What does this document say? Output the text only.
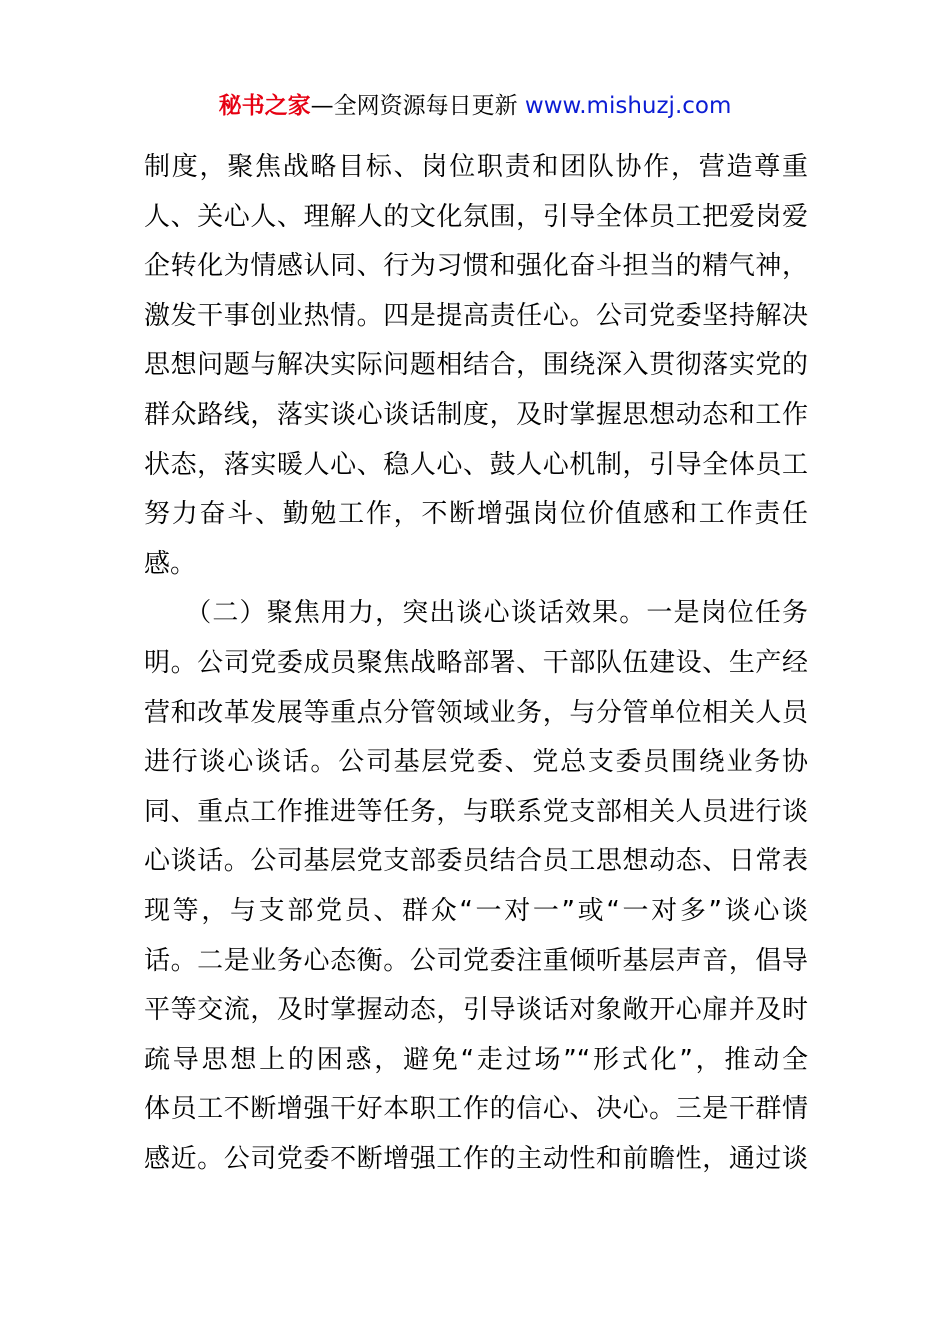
秘书之家—全网资源每日更新 www.mishuzj.com
制度，聚焦战略目标、岗位职责和团队协作，营造尊重
人、关心人、理解人的文化氛围，引导全体员工把爱岗爱
企转化为情感认同、行为习惯和强化奋斗担当的精气神，
激发干事创业热情。四是提高责任心。公司党委坚持解决
思想问题与解决实际问题相结合，围绕深入贯彻落实党的
群众路线，落实谈心谈话制度，及时掌握思想动态和工作
状态，落实暖人心、稳人心、鼓人心机制，引导全体员工
努力奋斗、勤勉工作，不断增强岗位价值感和工作责任
感。
　　（二）聚焦用力，突出谈心谈话效果。一是岗位任务
明。公司党委成员聚焦战略部署、干部队伍建设、生产经
营和改革发展等重点分管领域业务，与分管单位相关人员
进行谈心谈话。公司基层党委、党总支委员围绕业务协
同、重点工作推进等任务，与联系党支部相关人员进行谈
心谈话。公司基层党支部委员结合员工思想动态、日常表
现等，与支部党员、群众“一对一”或“一对多”谈心谈
话。二是业务心态衡。公司党委注重倾听基层声音，倡导
平等交流，及时掌握动态，引导谈话对象敞开心扉并及时
疏导思想上的困惑，避免“走过场”“形式化”，推动全
体员工不断增强干好本职工作的信心、决心。三是干群情
感近。公司党委不断增强工作的主动性和前瞻性，通过谈
